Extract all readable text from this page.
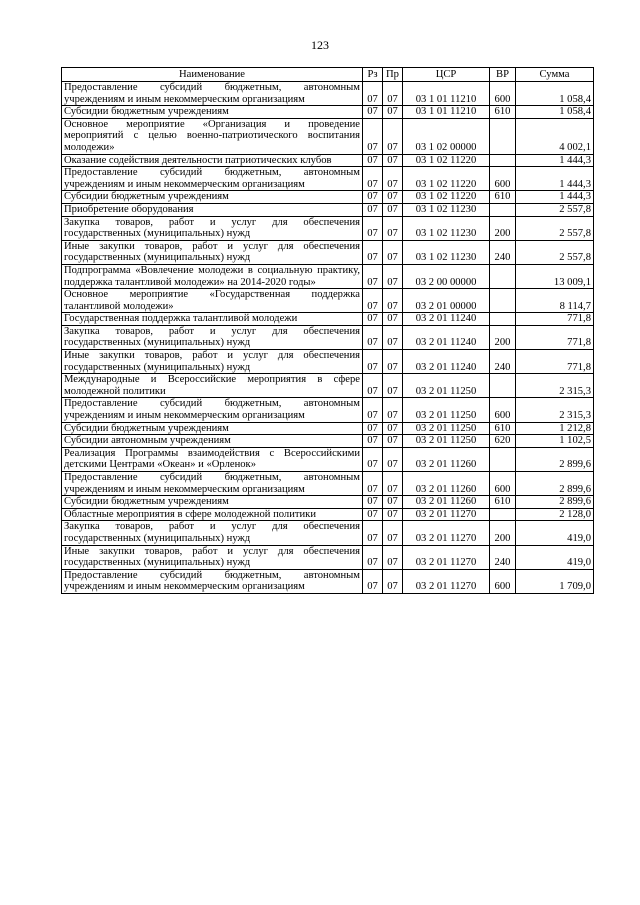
123
Наименование	Рз	Пр	ЦСР	ВР	Сумма
Предоставление субсидий бюджетным, автономным учреждениям и иным некоммерческим организациям	07	07	03 1 01 11210	600	1 058,4
Субсидии бюджетным учреждениям	07	07	03 1 01 11210	610	1 058,4
Основное мероприятие «Организация и проведение мероприятий с целью военно-патриотического воспитания молодежи»	07	07	03 1 02 00000		4 002,1
Оказание содействия деятельности патриотических клубов	07	07	03 1 02 11220		1 444,3
Предоставление субсидий бюджетным, автономным учреждениям и иным некоммерческим организациям	07	07	03 1 02 11220	600	1 444,3
Субсидии бюджетным учреждениям	07	07	03 1 02 11220	610	1 444,3
Приобретение оборудования	07	07	03 1 02 11230		2 557,8
Закупка товаров, работ и услуг для обеспечения государственных (муниципальных) нужд	07	07	03 1 02 11230	200	2 557,8
Иные закупки товаров, работ и услуг для обеспечения государственных (муниципальных) нужд	07	07	03 1 02 11230	240	2 557,8
Подпрограмма «Вовлечение молодежи в социальную практику, поддержка талантливой молодежи» на 2014-2020 годы»	07	07	03 2 00 00000		13 009,1
Основное мероприятие «Государственная поддержка талантливой молодежи»	07	07	03 2 01 00000		8 114,7
Государственная поддержка талантливой молодежи	07	07	03 2 01 11240		771,8
Закупка товаров, работ и услуг для обеспечения государственных (муниципальных) нужд	07	07	03 2 01 11240	200	771,8
Иные закупки товаров, работ и услуг для обеспечения государственных (муниципальных) нужд	07	07	03 2 01 11240	240	771,8
Международные и Всероссийские мероприятия в сфере молодежной политики	07	07	03 2 01 11250		2 315,3
Предоставление субсидий бюджетным, автономным учреждениям и иным некоммерческим организациям	07	07	03 2 01 11250	600	2 315,3
Субсидии бюджетным учреждениям	07	07	03 2 01 11250	610	1 212,8
Субсидии автономным учреждениям	07	07	03 2 01 11250	620	1 102,5
Реализация Программы взаимодействия с Всероссийскими детскими Центрами «Океан» и «Орленок»	07	07	03 2 01 11260		2 899,6
Предоставление субсидий бюджетным, автономным учреждениям и иным некоммерческим организациям	07	07	03 2 01 11260	600	2 899,6
Субсидии бюджетным учреждениям	07	07	03 2 01 11260	610	2 899,6
Областные мероприятия в сфере молодежной политики	07	07	03 2 01 11270		2 128,0
Закупка товаров, работ и услуг для обеспечения государственных (муниципальных) нужд	07	07	03 2 01 11270	200	419,0
Иные закупки товаров, работ и услуг для обеспечения государственных (муниципальных) нужд	07	07	03 2 01 11270	240	419,0
Предоставление субсидий бюджетным, автономным учреждениям и иным некоммерческим организациям	07	07	03 2 01 11270	600	1 709,0
